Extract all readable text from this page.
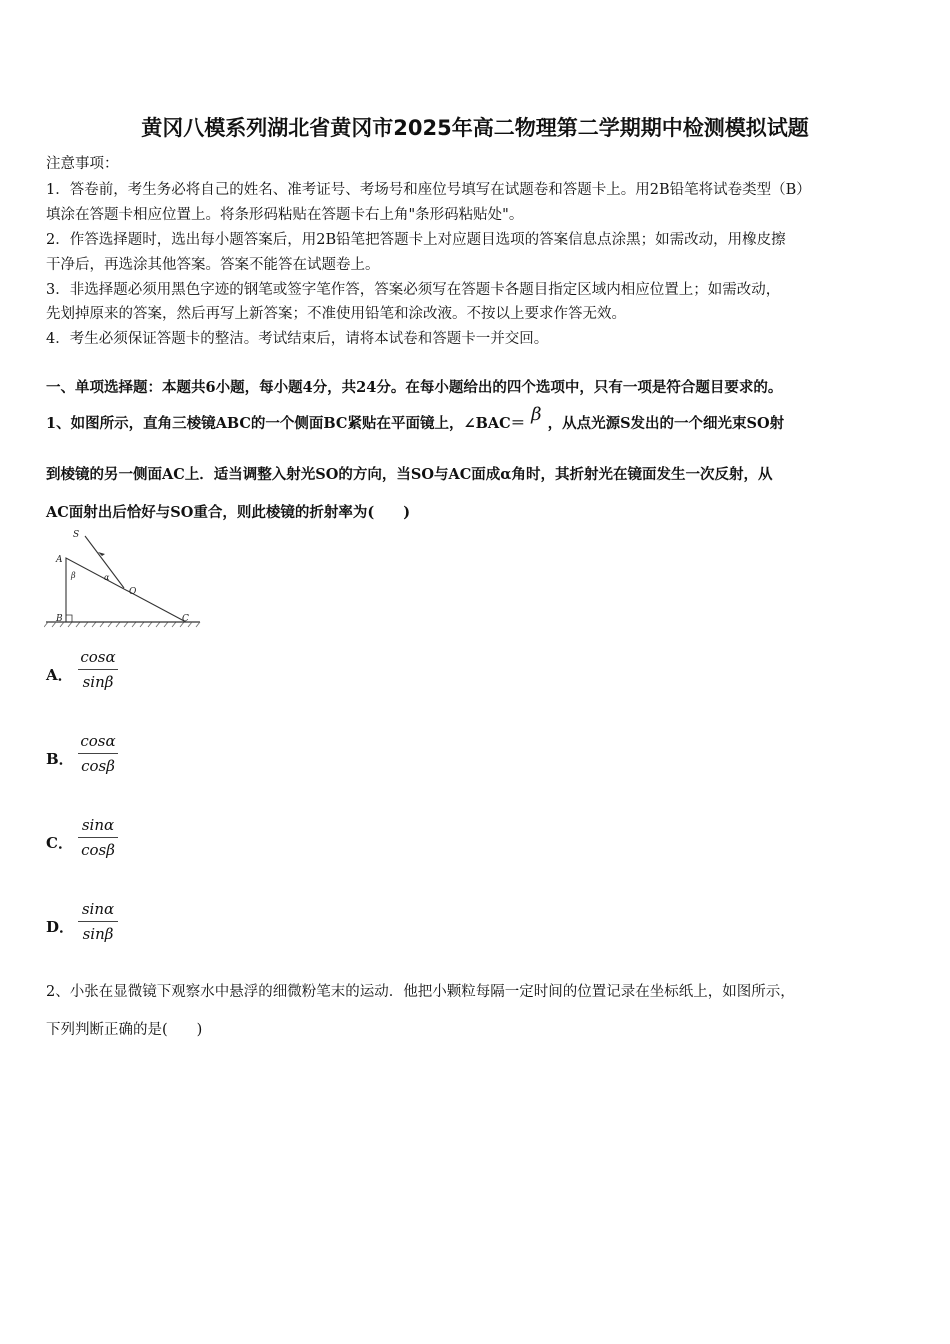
黄冈八模系列湖北省黄冈市2025年高二物理第二学期期中检测模拟试题
注意事项：
1．答卷前，考生务必将自己的姓名、准考证号、考场号和座位号填写在试题卷和答题卡上。用2B铅笔将试卷类型（B）
填涂在答题卡相应位置上。将条形码粘贴在答题卡右上角"条形码粘贴处"。
2．作答选择题时，选出每小题答案后，用2B铅笔把答题卡上对应题目选项的答案信息点涂黑；如需改动，用橡皮擦
干净后，再选涂其他答案。答案不能答在试题卷上。
3．非选择题必须用黑色字迹的钢笔或签字笔作答，答案必须写在答题卡各题目指定区域内相应位置上；如需改动，
先划掉原来的答案，然后再写上新答案；不准使用铅笔和涂改液。不按以上要求作答无效。
4．考生必须保证答题卡的整洁。考试结束后，请将本试卷和答题卡一并交回。
一、单项选择题：本题共6小题，每小题4分，共24分。在每小题给出的四个选项中，只有一项是符合题目要求的。
1、如图所示，直角三棱镜ABC的一个侧面BC紧贴在平面镜上，∠BAC＝ β ，从点光源S发出的一个细光束SO射
到棱镜的另一侧面AC上．适当调整入射光SO的方向，当SO与AC面成α角时，其折射光在镜面发生一次反射，从
AC面射出后恰好与SO重合，则此棱镜的折射率为(　　)
S
A
B	C
O
β	α
A． $\frac{\cos\alpha}{\sin\beta}$
B． $\frac{\cos\alpha}{\cos\beta}$
C． $\frac{\sin\alpha}{\cos\beta}$
D． $\frac{\sin\alpha}{\sin\beta}$
2、小张在显微镜下观察水中悬浮的细微粉笔末的运动．他把小颗粒每隔一定时间的位置记录在坐标纸上，如图所示，
下列判断正确的是(　　)
